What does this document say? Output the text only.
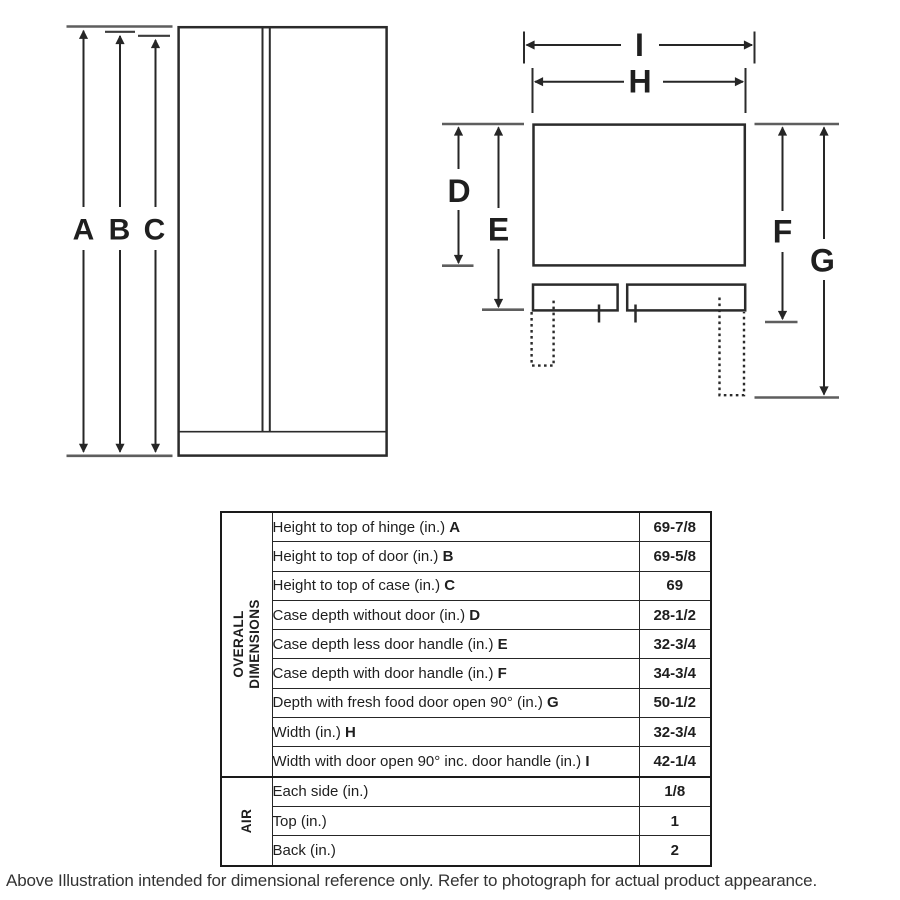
A B C
I
H
D
E	F
G
OVERALL DIMENSIONS	Height to top of hinge (in.) A	69-7/8
	Height to top of door (in.) B	69-5/8
	Height to top of case (in.) C	69
	Case depth without door (in.) D	28-1/2
	Case depth less door handle (in.) E	32-3/4
	Case depth with door handle (in.) F	34-3/4
	Depth with fresh food door open 90° (in.) G	50-1/2
	Width (in.) H	32-3/4
	Width with door open 90° inc. door handle (in.) I	42-1/4

AIR	Each side (in.)	1/8
	Top (in.)	1
	Back (in.)	2
Above Illustration intended for dimensional reference only. Refer to photograph for actual product appearance.
